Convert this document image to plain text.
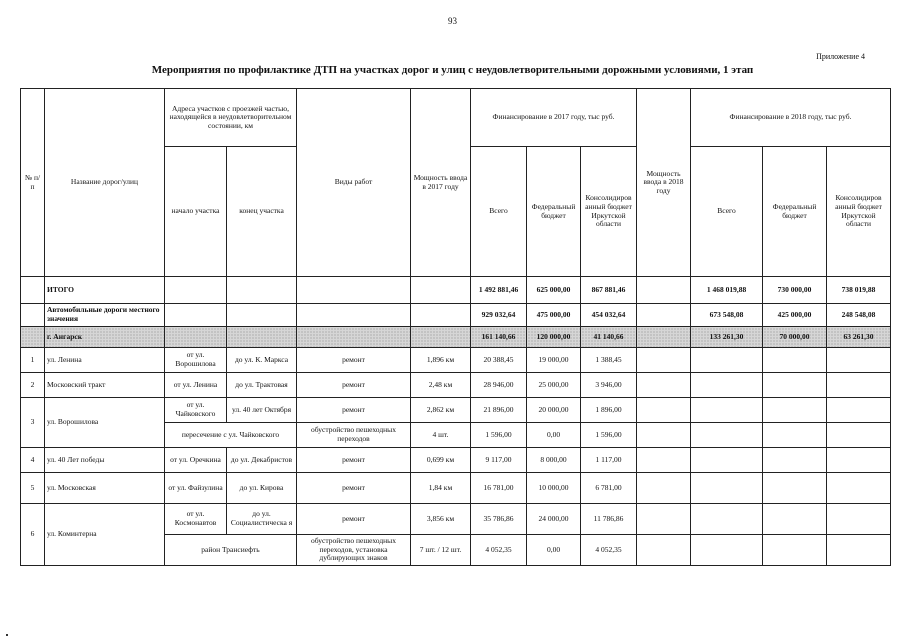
93
Приложение 4
Мероприятия по профилактике ДТП на участках дорог и улиц с неудовлетворительными дорожными условиями, 1 этап
№ п/п	Название дорог/улиц	Адреса участков с проезжей частью, находящейся в неудовлетворительном состоянии, км		Виды работ	Мощность ввода в 2017 году	Финансирование в 2017 году, тыс руб.			Мощность ввода в 2018 году	Финансирование в 2018 году, тыс руб.		
		начало участка	конец участка			Всего	Федеральный бюджет	Консолидиров анный бюджет Иркутской области		Всего	Федеральный бюджет	Консолидиров анный бюджет Иркутской области
	ИТОГО					1 492 881,46	625 000,00	867 881,46		1 468 019,88	730 000,00	738 019,88
	Автомобильные дороги местного значения					929 032,64	475 000,00	454 032,64		673 548,08	425 000,00	248 548,08
	г. Ангарск					161 140,66	120 000,00	41 140,66		133 261,30	70 000,00	63 261,30
1	ул. Ленина	от ул. Ворошилова	до ул. К. Маркса	ремонт	1,896 км	20 388,45	19 000,00	1 388,45				
2	Московский тракт	от ул. Ленина	до ул. Трактовая	ремонт	2,48 км	28 946,00	25 000,00	3 946,00				
3	ул. Ворошилова	от ул. Чайковского	ул. 40 лет Октября	ремонт	2,862 км	21 896,00	20 000,00	1 896,00				
		пересечение с ул. Чайковского		обустройство пешеходных переходов	4 шт.	1 596,00	0,00	1 596,00				
4	ул. 40 Лет победы	от ул. Оречкина	до ул. Декабристов	ремонт	0,699 км	9 117,00	8 000,00	1 117,00				
5	ул. Московская	от ул. Файзулина	до ул. Кирова	ремонт	1,84 км	16 781,00	10 000,00	6 781,00				
6	ул. Коминтерна	от ул. Космонавтов	до ул. Социалистическа я	ремонт	3,856 км	35 786,86	24 000,00	11 786,86				
		район Трансиефть		обустройство пешеходных переходов, установка дублирующих знаков	7 шт. / 12 шт.	4 052,35	0,00	4 052,35				
